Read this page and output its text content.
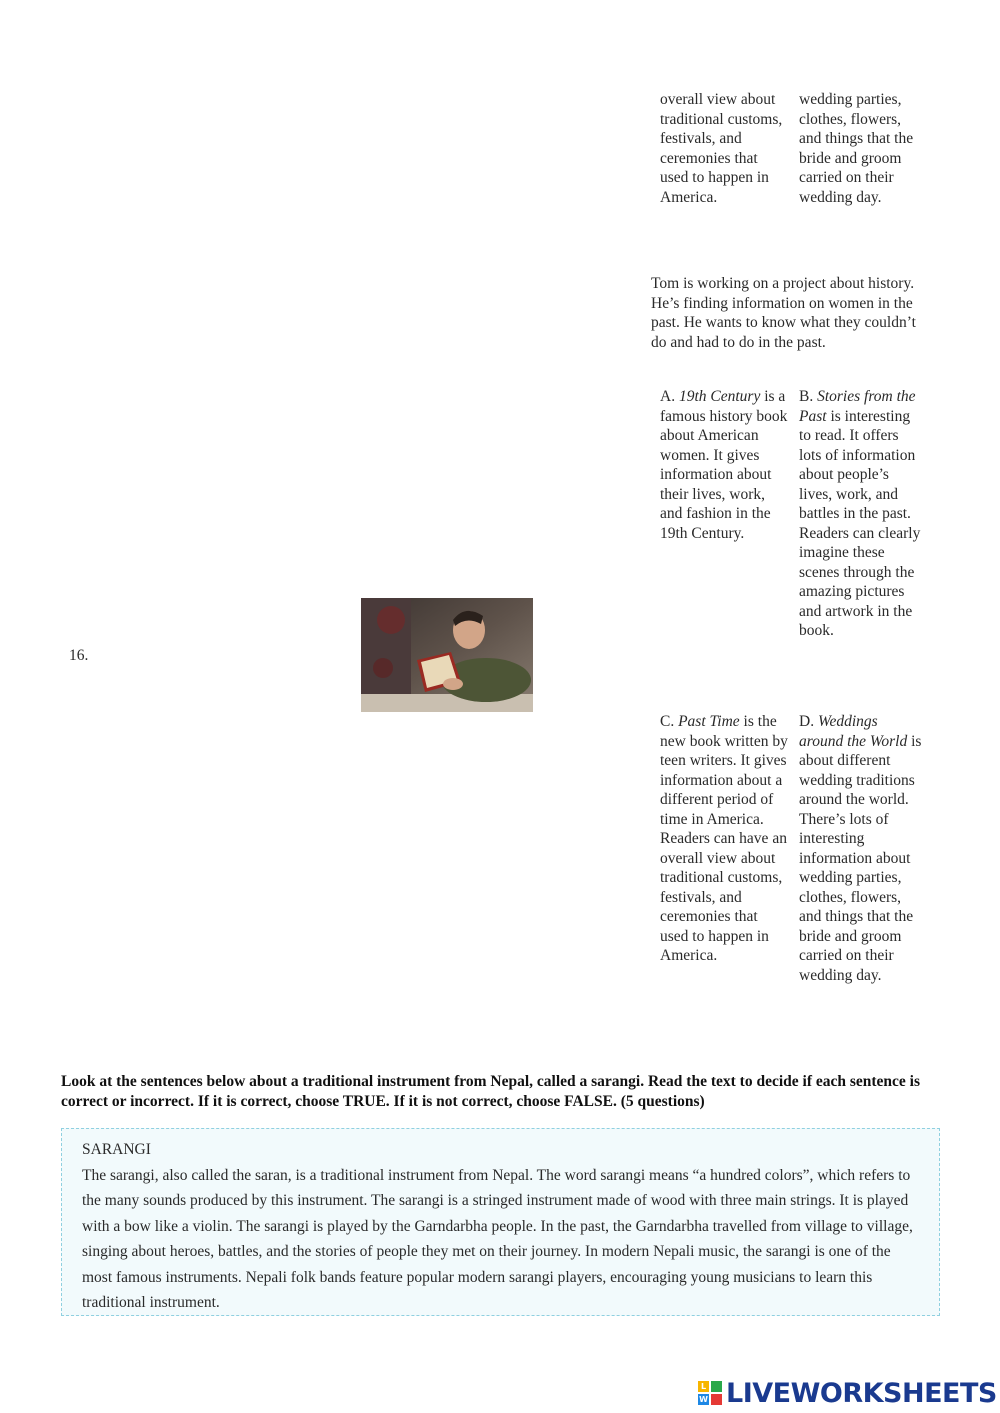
overall view about traditional customs, festivals, and ceremonies that used to happen in America.

wedding parties, clothes, flowers, and things that the bride and groom carried on their wedding day.

16.
Tom is working on a project about history. He’s finding information on women in the past. He wants to know what they couldn’t do and had to do in the past.

A. 19th Century is a famous history book about American women. It gives information about their lives, work, and fashion in the 19th Century.

B. Stories from the Past is interesting to read. It offers lots of information about people’s lives, work, and battles in the past. Readers can clearly imagine these scenes through the amazing pictures and artwork in the book.

C. Past Time is the new book written by teen writers. It gives information about a different period of time in America. Readers can have an overall view about traditional customs, festivals, and ceremonies that used to happen in America.

D. Weddings around the World is about different wedding traditions around the world. There’s lots of interesting information about wedding parties, clothes, flowers, and things that the bride and groom carried on their wedding day.

Look at the sentences below about a traditional instrument from Nepal, called a sarangi. Read the text to decide if each sentence is correct or incorrect. If it is correct, choose TRUE. If it is not correct, choose FALSE. (5 questions)
SARANGI
The sarangi, also called the saran, is a traditional instrument from Nepal. The word sarangi means “a hundred colors”, which refers to the many sounds produced by this instrument. The sarangi is a stringed instrument made of wood with three main strings. It is played with a bow like a violin. The sarangi is played by the Garndarbha people. In the past, the Garndarbha travelled from village to village, singing about heroes, battles, and the stories of people they met on their journey. In modern Nepali music, the sarangi is one of the most famous instruments. Nepali folk bands feature popular modern sarangi players, encouraging young musicians to learn this traditional instrument.
L
W LIVEWORKSHEETS
